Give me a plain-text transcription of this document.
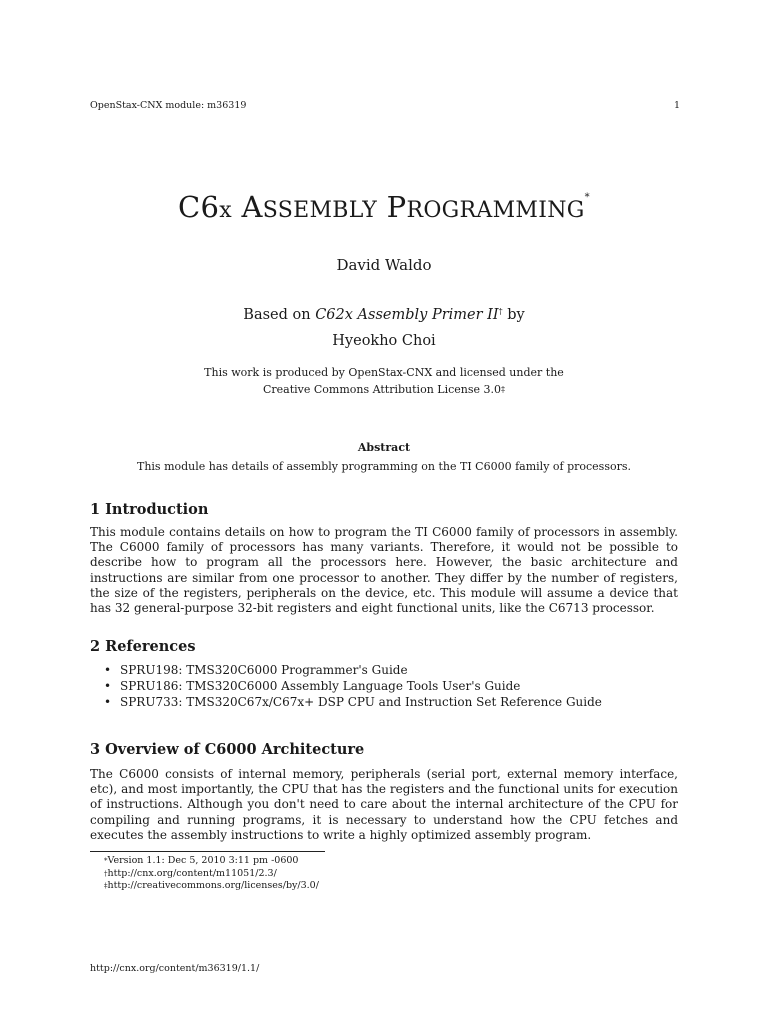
OpenStax-CNX module: m36319	1
C6x ASSEMBLY PROGRAMMING*
David Waldo
Based on C62x Assembly Primer II† by
Hyeokho Choi
This work is produced by OpenStax-CNX and licensed under the
Creative Commons Attribution License 3.0‡
Abstract
This module has details of assembly programming on the TI C6000 family of processors.
1 Introduction
This module contains details on how to program the TI C6000 family of processors in assembly. The C6000 family of processors has many variants. Therefore, it would not be possible to describe how to program all the processors here. However, the basic architecture and instructions are similar from one processor to another. They differ by the number of registers, the size of the registers, peripherals on the device, etc. This module will assume a device that has 32 general-purpose 32-bit registers and eight functional units, like the C6713 processor.
2 References
• SPRU198: TMS320C6000 Programmer's Guide
• SPRU186: TMS320C6000 Assembly Language Tools User's Guide
• SPRU733: TMS320C67x/C67x+ DSP CPU and Instruction Set Reference Guide
3 Overview of C6000 Architecture
The C6000 consists of internal memory, peripherals (serial port, external memory interface, etc), and most importantly, the CPU that has the registers and the functional units for execution of instructions. Although you don't need to care about the internal architecture of the CPU for compiling and running programs, it is necessary to understand how the CPU fetches and executes the assembly instructions to write a highly optimized assembly program.
*Version 1.1: Dec 5, 2010 3:11 pm -0600
†http://cnx.org/content/m11051/2.3/
‡http://creativecommons.org/licenses/by/3.0/
http://cnx.org/content/m36319/1.1/
